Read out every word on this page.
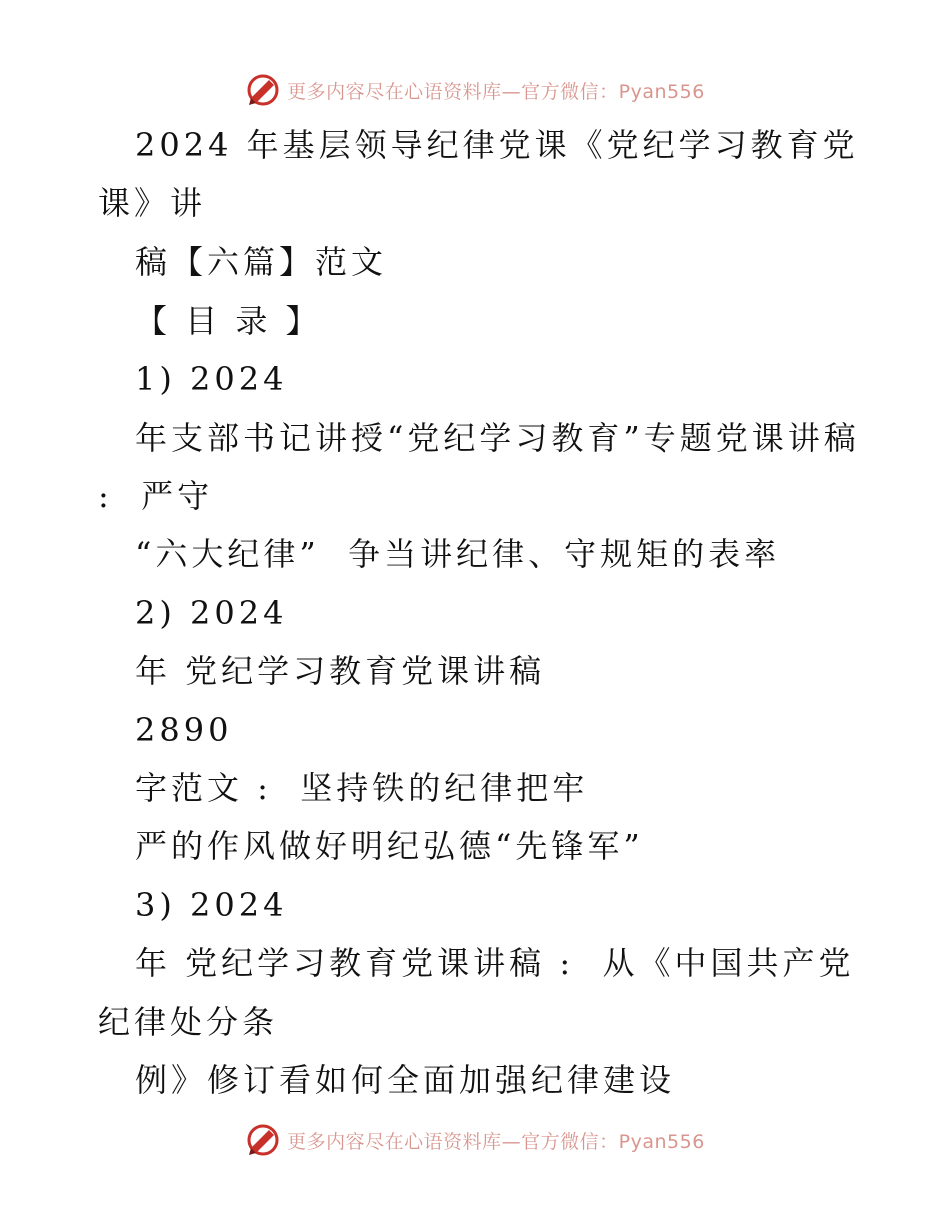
更多内容尽在心语资料库—官方微信：Pyan556
2024 年基层领导纪律党课《党纪学习教育党
课》讲
稿【六篇】范文
【 目 录 】
1) 2024
年支部书记讲授“党纪学习教育”专题党课讲稿
:  严守
“六大纪律”  争当讲纪律、守规矩的表率
2) 2024
年 党纪学习教育党课讲稿
2890
字范文 :  坚持铁的纪律把牢
严的作风做好明纪弘德“先锋军”
3) 2024
年 党纪学习教育党课讲稿 :  从《中国共产党
纪律处分条
例》修订看如何全面加强纪律建设
更多内容尽在心语资料库—官方微信：Pyan556
